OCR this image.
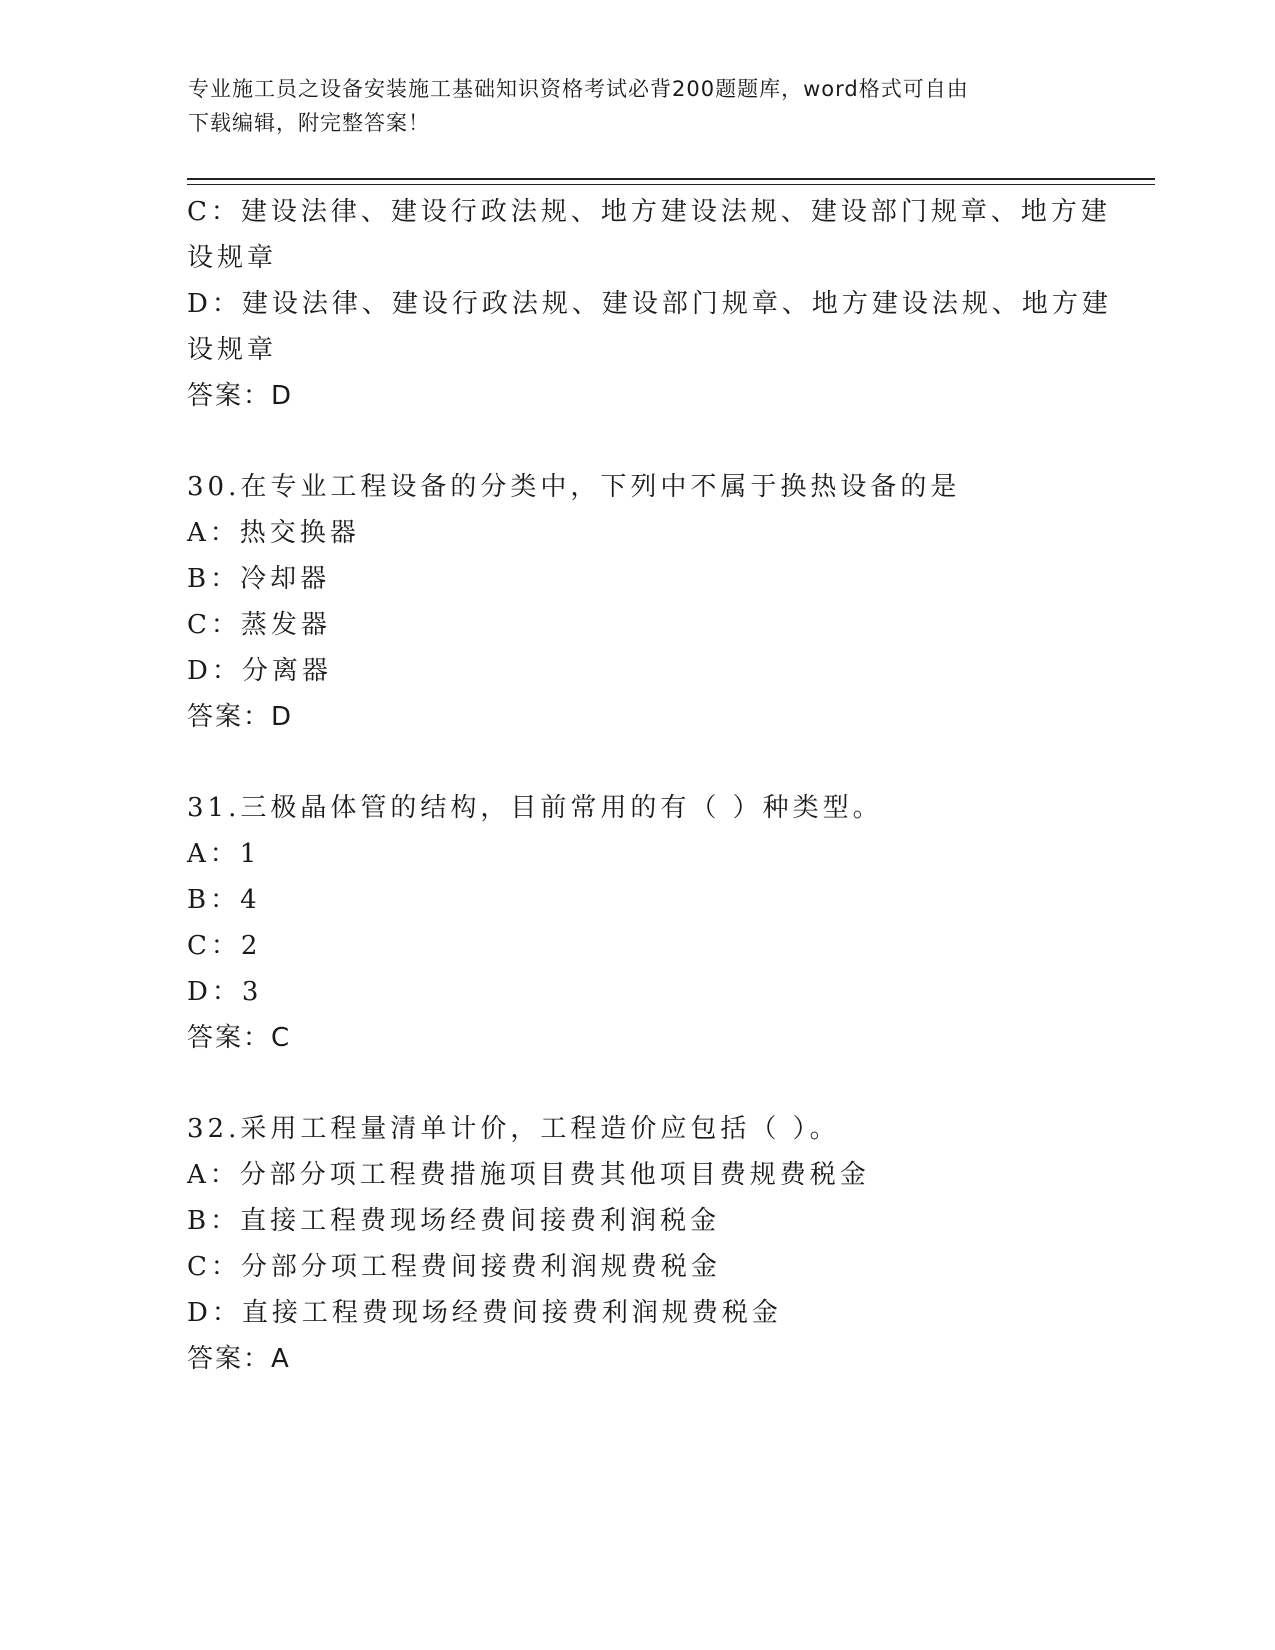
专业施工员之设备安装施工基础知识资格考试必背200题题库，word格式可自由
下载编辑，附完整答案！
C：建设法律、建设行政法规、地方建设法规、建设部门规章、地方建
设规章
D：建设法律、建设行政法规、建设部门规章、地方建设法规、地方建
设规章
答案：D
30.在专业工程设备的分类中，下列中不属于换热设备的是
A：热交换器
B：冷却器
C：蒸发器
D：分离器
答案：D
31.三极晶体管的结构，目前常用的有（ ）种类型。
A：1
B：4
C：2
D：3
答案：C
32.采用工程量清单计价，工程造价应包括（ ）。
A：分部分项工程费措施项目费其他项目费规费税金
B：直接工程费现场经费间接费利润税金
C：分部分项工程费间接费利润规费税金
D：直接工程费现场经费间接费利润规费税金
答案：A
